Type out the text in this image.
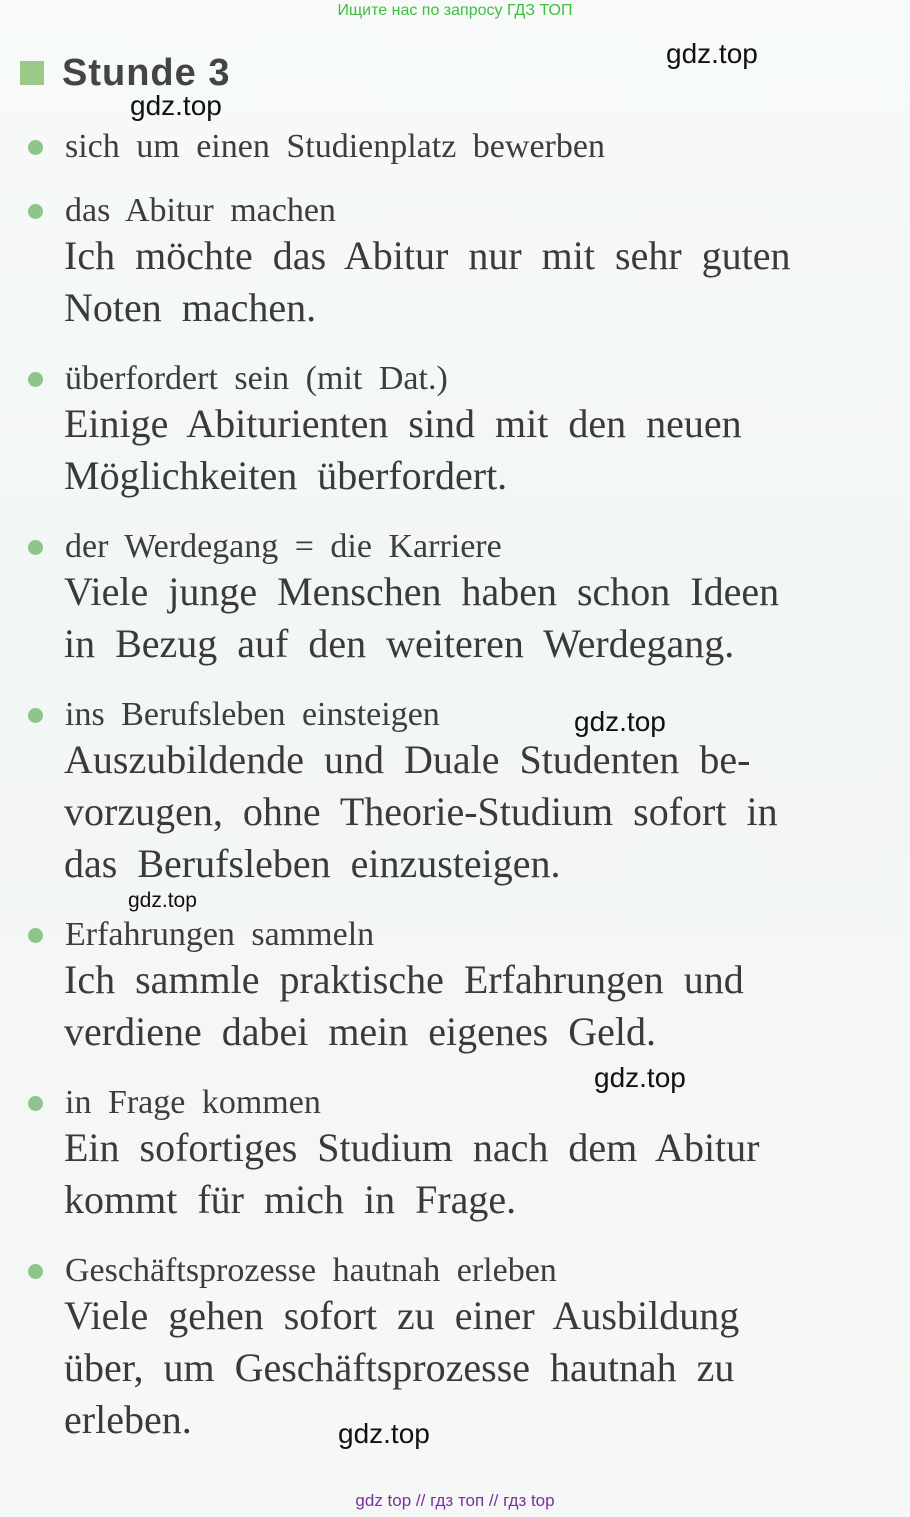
Ищите нас по запросу ГДЗ ТОП
Stunde 3
sich um einen Studienplatz bewerben
das Abitur machen
Ich möchte das Abitur nur mit sehr guten
Noten machen.
überfordert sein (mit Dat.)
Einige Abiturienten sind mit den neuen
Möglichkeiten überfordert.
der Werdegang = die Karriere
Viele junge Menschen haben schon Ideen
in Bezug auf den weiteren Werdegang.
ins Berufsleben einsteigen
Auszubildende und Duale Studenten be-
vorzugen, ohne Theorie-Studium sofort in
das Berufsleben einzusteigen.
Erfahrungen sammeln
Ich sammle praktische Erfahrungen und
verdiene dabei mein eigenes Geld.
in Frage kommen
Ein sofortiges Studium nach dem Abitur
kommt für mich in Frage.
Geschäftsprozesse hautnah erleben
Viele gehen sofort zu einer Ausbildung
über, um Geschäftsprozesse hautnah zu
erleben.
gdz.top
gdz.top
gdz.top
gdz.top
gdz.top
gdz.top
gdz top // гдз топ // гдз top
